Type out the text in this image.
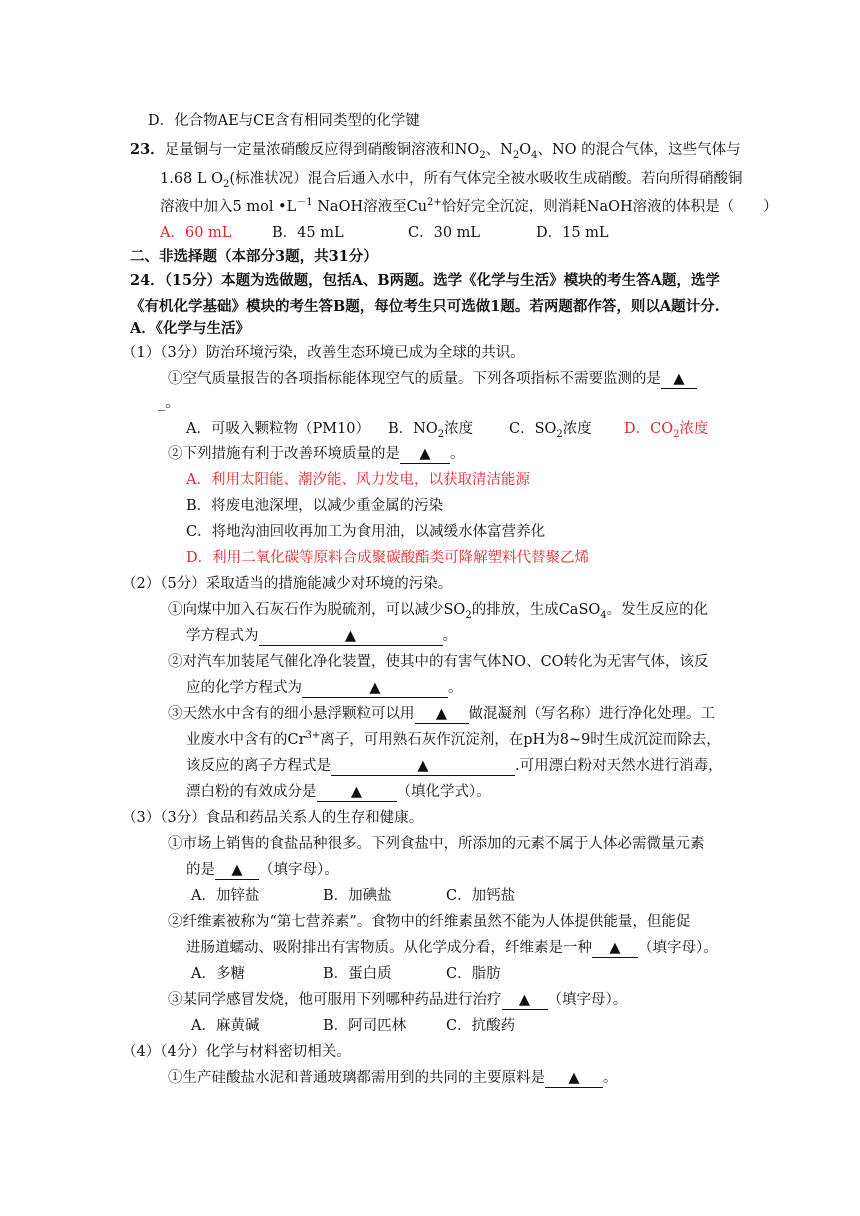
D．化合物AE与CE含有相同类型的化学键
23．足量铜与一定量浓硝酸反应得到硝酸铜溶液和$NO_2$、$N_2O_4$、NO 的混合气体，这些气体与
1.68 L $O_2$(标准状况）混合后通入水中，所有气体完全被水吸收生成硝酸。若向所得硝酸铜
溶液中加入5 mol $•L^{-1}$ NaOH溶液至$Cu^{2+}$恰好完全沉淀，则消耗NaOH溶液的体积是（　　）
A．60 mL	B．45 mL	C．30 mL	D．15 mL
二、非选择题（本部分3题，共31分）
24．（15分）本题为选做题，包括A、B两题。选学《化学与生活》模块的考生答A题，选学
《有机化学基础》模块的考生答B题，每位考生只可选做1题。若两题都作答，则以A题计分.
A．《化学与生活》
（1）（3分）防治环境污染，改善生态环境已成为全球的共识。
①空气质量报告的各项指标能体现空气的质量。下列各项指标不需要监测的是 ▲
_。
A．可吸入颗粒物（PM10） B．$NO_2$浓度 C．$SO_2$浓度 D．$CO_2$浓度
②下列措施有利于改善环境质量的是 ▲ 。
A．利用太阳能、潮汐能、风力发电，以获取清洁能源
B．将废电池深埋，以减少重金属的污染
C．将地沟油回收再加工为食用油，以减缓水体富营养化
D．利用二氧化碳等原料合成聚碳酸酯类可降解塑料代替聚乙烯
（2）（5分）采取适当的措施能减少对环境的污染。
①向煤中加入石灰石作为脱硫剂，可以减少$SO_2$的排放，生成CaSO$_4$。发生反应的化
学方程式为	▲	。
②对汽车加装尾气催化净化装置，使其中的有害气体NO、CO转化为无害气体，该反
应的化学方程式为	▲	。
③天然水中含有的细小悬浮颗粒可以用 ▲ 做混凝剂（写名称）进行净化处理。工
业废水中含有的$Cr^{3+}$离子，可用熟石灰作沉淀剂，在pH为8~9时生成沉淀而除去，
该反应的离子方程式是	▲	.可用漂白粉对天然水进行消毒，
漂白粉的有效成分是 ▲ （填化学式）。
（3）（3分）食品和药品关系人的生存和健康。
①市场上销售的食盐品种很多。下列食盐中，所添加的元素不属于人体必需微量元素
的是 ▲ （填字母）。
A．加锌盐	B．加碘盐	C．加钙盐
②纤维素被称为“第七营养素”。食物中的纤维素虽然不能为人体提供能量，但能促
进肠道蠕动、吸附排出有害物质。从化学成分看，纤维素是一种 ▲ （填字母）。
A．多糖	B．蛋白质	C．脂肪
③某同学感冒发烧，他可服用下列哪种药品进行治疗 ▲ （填字母）。
A．麻黄碱	B．阿司匹林	C．抗酸药
（4）（4分）化学与材料密切相关。
①生产硅酸盐水泥和普通玻璃都需用到的共同的主要原料是 ▲ 。
